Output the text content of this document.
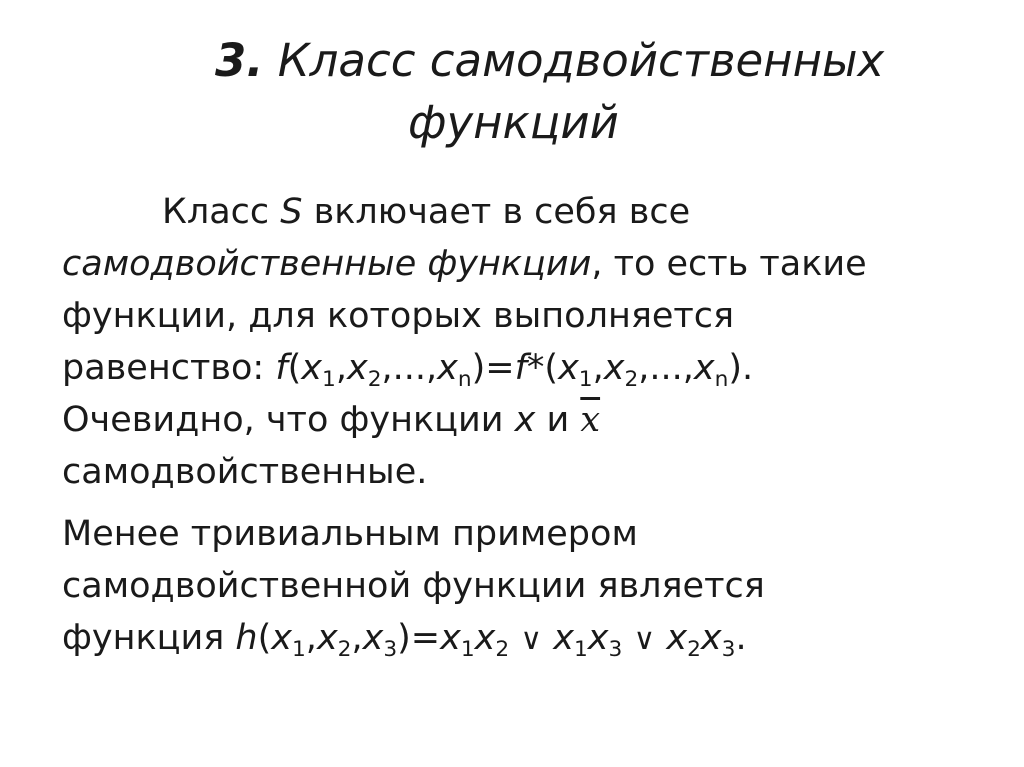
3. Класс самодвойственных
функций

Класс S включает в себя все
самодвойственные функции, то есть такие
функции, для которых выполняется
равенство: $f(x_1,x_2,...,x_n)=f*(x_1,x_2,...,x_n)$.
Очевидно, что функции x и $\overline{x}$
самодвойственные.

Менее тривиальным примером
самодвойственной функции является
функция $h(x_1,x_2,x_3)=x_1x_2$ ∨ $x_1x_3$ ∨ $x_2x_3$.
